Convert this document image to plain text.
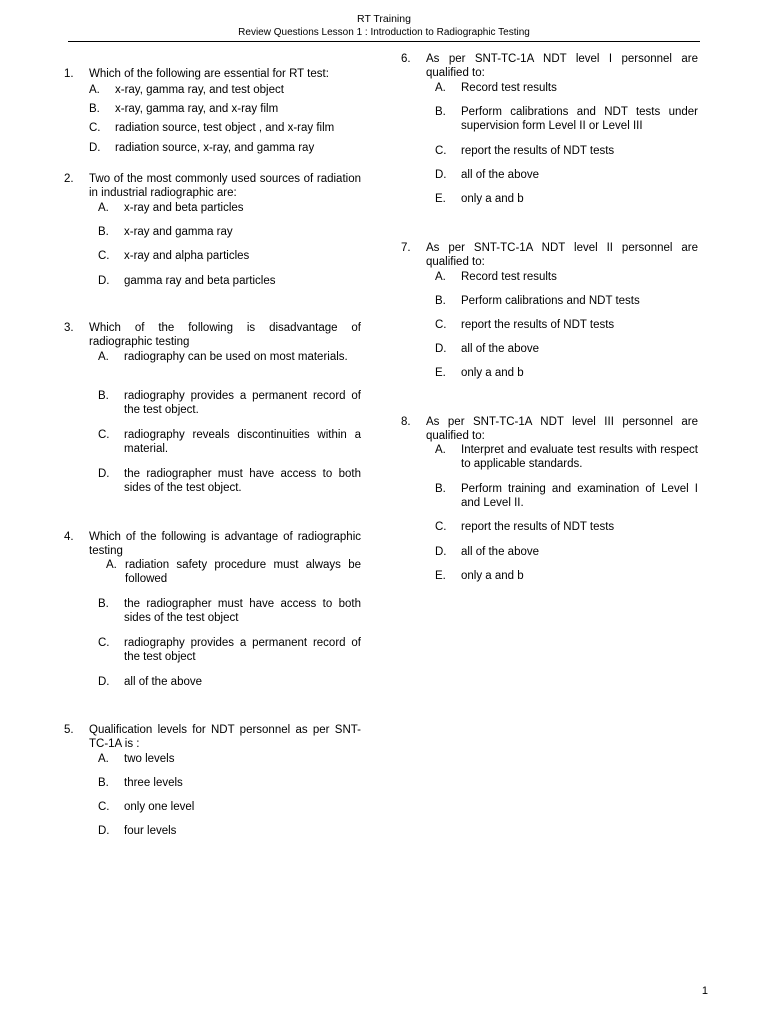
RT Training
Review Questions Lesson 1 : Introduction to Radiographic Testing
1.	Which of the following are essential for RT test:
A.	x-ray, gamma ray, and test object
B.	x-ray, gamma ray, and x-ray film
C.	radiation source, test object , and x-ray film
D.	radiation source, x-ray, and gamma ray
2.	Two of the most commonly used sources of radiation in industrial radiographic are:
A.	x-ray and beta particles
B.	x-ray and gamma ray
C.	x-ray and alpha particles
D.	gamma ray and beta particles
3.	Which of the following is disadvantage of radiographic testing
A.	radiography can be used on most materials.
B.	radiography provides a permanent record of the test object.
C.	radiography reveals discontinuities within a material.
D.	the radiographer must have access to both sides of the test object.
4.	Which of the following is advantage of radiographic testing
A. radiation safety procedure must always be followed
B.	the radiographer must have access to both sides of the test object
C.	radiography provides a permanent record of the test object
D.	all of the above
5.	Qualification levels for NDT personnel as per SNT-TC-1A is :
A.	two levels
B.	three levels
C.	only one level
D.	four levels
6.	As per SNT-TC-1A NDT level I personnel are qualified to:
A.	Record test results
B.	Perform calibrations and NDT tests under supervision form Level II or Level III
C.	report the results of NDT tests
D.	all of the above
E.	only a and b
7.	As per SNT-TC-1A NDT level II personnel are qualified to:
A.	Record test results
B.	Perform calibrations and NDT tests
C.	report the results of NDT tests
D.	all of the above
E.	only a and b
8.	As per SNT-TC-1A NDT level III personnel are qualified to:
A.	Interpret and evaluate test results with respect to applicable standards.
B.	Perform training and examination of Level I and Level II.
C.	report the results of NDT tests
D.	all of the above
E.	only a and b
1
